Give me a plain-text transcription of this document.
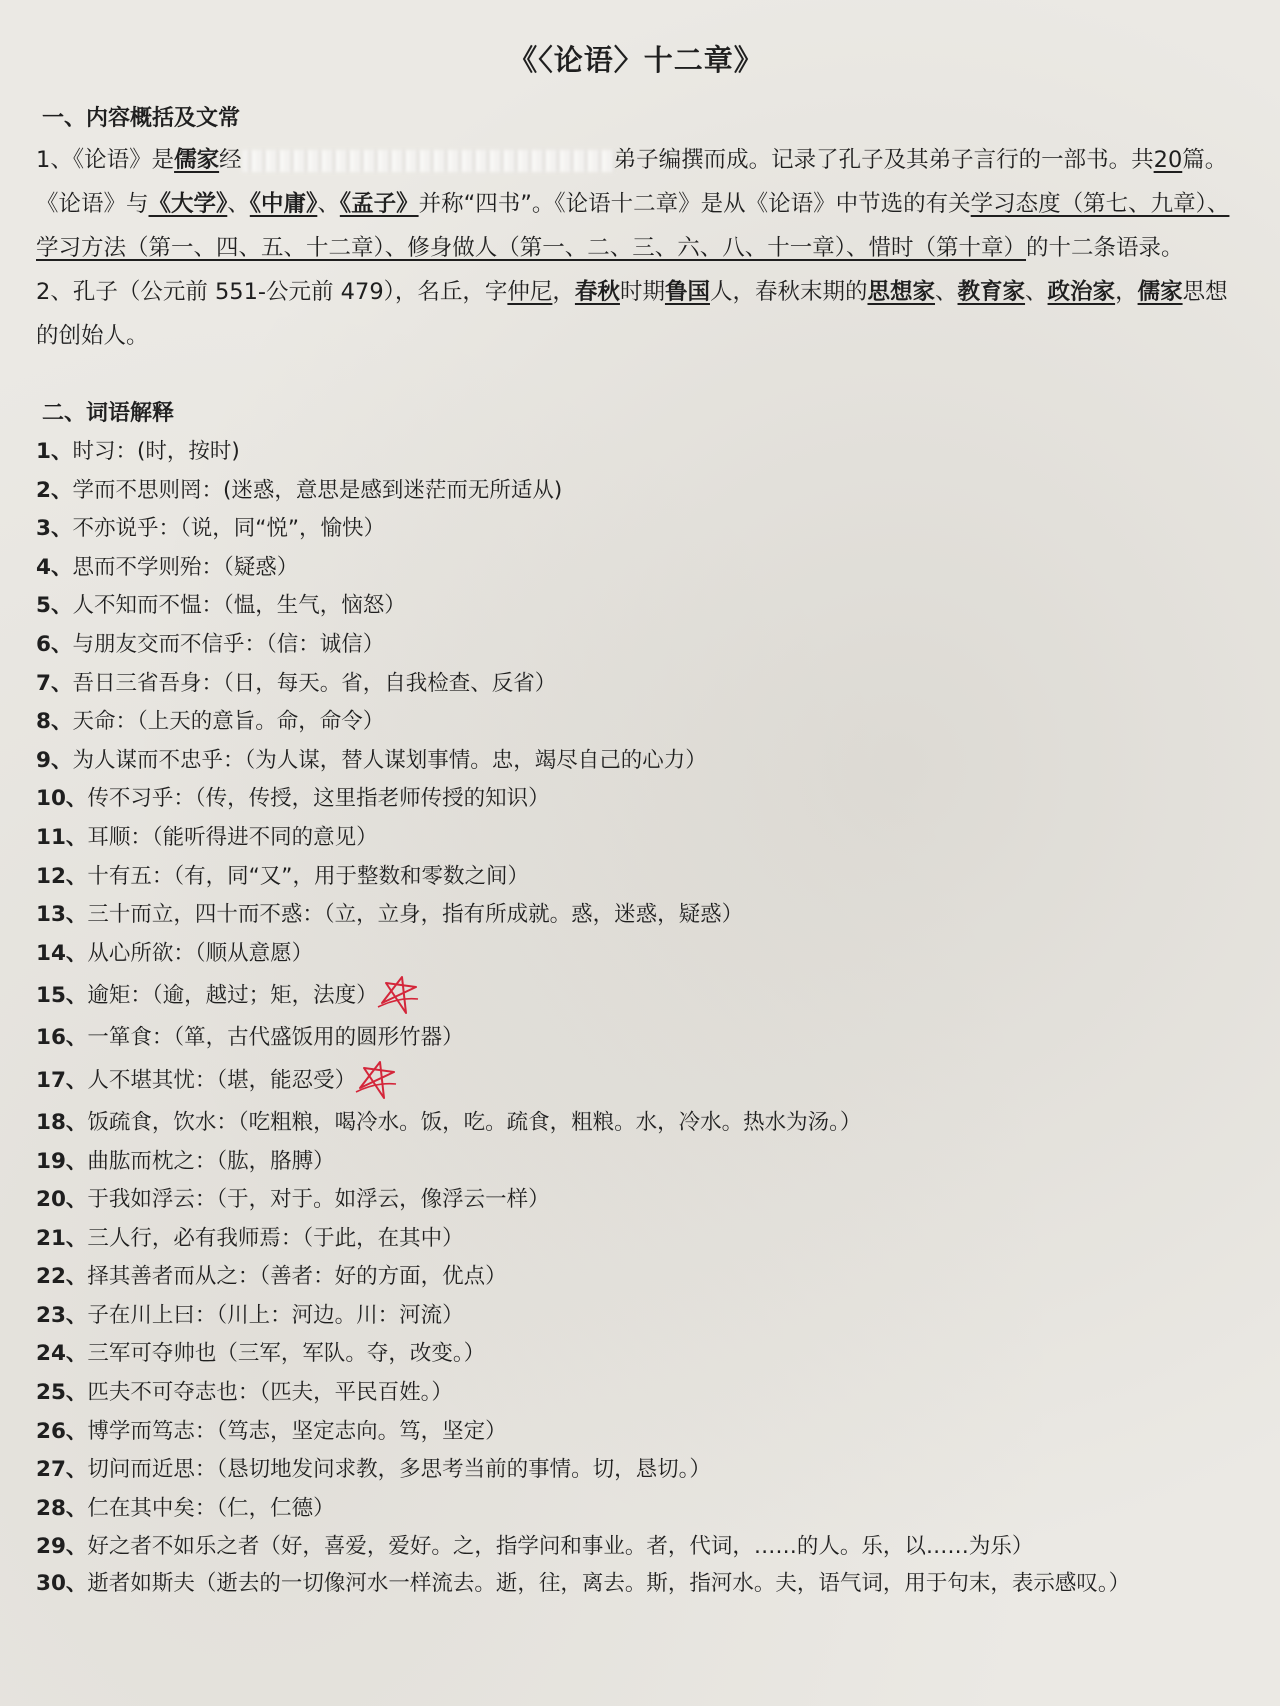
《〈论语〉十二章》
一、内容概括及文常

1、《论语》是儒家经	弟子编撰而成。记录了孔子及其弟子言行的一部书。共20篇。《论语》与《大学》、《中庸》、《孟子》并称“四书”。《论语十二章》是从《论语》中节选的有关学习态度（第七、九章）、学习方法（第一、四、五、十二章）、修身做人（第一、二、三、六、八、十一章）、惜时（第十章）的十二条语录。

2、孔子（公元前 551-公元前 479），名丘，字仲尼，春秋时期鲁国人，春秋末期的思想家、教育家、政治家，儒家思想的创始人。

二、词语解释
1、时习：(时，按时)
2、学而不思则罔：(迷惑，意思是感到迷茫而无所适从)
3、不亦说乎：（说，同“悦”，愉快）
4、思而不学则殆：（疑惑）
5、人不知而不愠：（愠，生气，恼怒）
6、与朋友交而不信乎：（信：诚信）
7、吾日三省吾身：（日，每天。省，自我检查、反省）
8、天命：（上天的意旨。命，命令）
9、为人谋而不忠乎：（为人谋，替人谋划事情。忠，竭尽自己的心力）
10、传不习乎：（传，传授，这里指老师传授的知识）
11、耳顺：（能听得进不同的意见）
12、十有五：（有，同“又”，用于整数和零数之间）
13、三十而立，四十而不惑：（立，立身，指有所成就。惑，迷惑，疑惑）
14、从心所欲：（顺从意愿）
15、逾矩：（逾，越过；矩，法度）
16、一箪食：（箪，古代盛饭用的圆形竹器）
17、人不堪其忧：（堪，能忍受）
18、饭疏食，饮水：（吃粗粮，喝冷水。饭，吃。疏食，粗粮。水，冷水。热水为汤。）
19、曲肱而枕之：（肱，胳膊）
20、于我如浮云：（于，对于。如浮云，像浮云一样）
21、三人行，必有我师焉：（于此，在其中）
22、择其善者而从之：（善者：好的方面，优点）
23、子在川上曰：（川上：河边。川：河流）
24、三军可夺帅也（三军，军队。夺，改变。）
25、匹夫不可夺志也：（匹夫，平民百姓。）
26、博学而笃志：（笃志，坚定志向。笃，坚定）
27、切问而近思：（恳切地发问求教，多思考当前的事情。切，恳切。）
28、仁在其中矣：（仁，仁德）
29、好之者不如乐之者（好，喜爱，爱好。之，指学问和事业。者，代词，……的人。乐，以……为乐）
30、逝者如斯夫（逝去的一切像河水一样流去。逝，往，离去。斯，指河水。夫，语气词，用于句末，表示感叹。）
